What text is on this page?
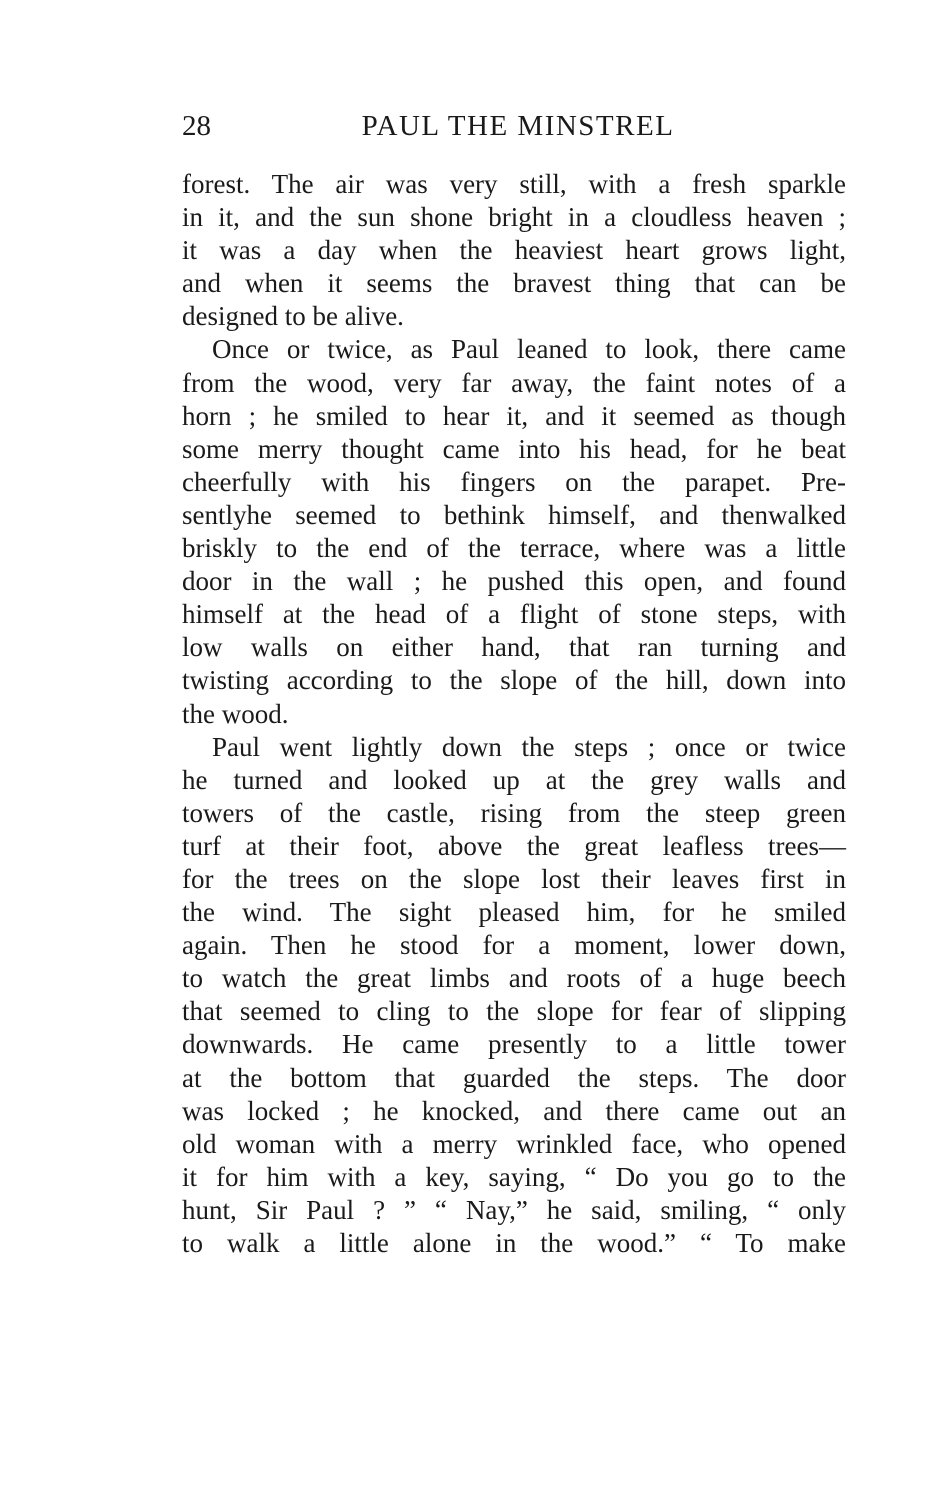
28	PAUL THE MINSTREL
forest. The air was very still, with a fresh sparkle
in it, and the sun shone bright in a cloudless heaven ;
it was a day when the heaviest heart grows light,
and when it seems the bravest thing that can be
designed to be alive.
Once or twice, as Paul leaned to look, there came
from the wood, very far away, the faint notes of a
horn ; he smiled to hear it, and it seemed as though
some merry thought came into his head, for he beat
cheerfully with his fingers on the parapet. Pre-
sentlyhe seemed to bethink himself, and thenwalked
briskly to the end of the terrace, where was a little
door in the wall ; he pushed this open, and found
himself at the head of a flight of stone steps, with
low walls on either hand, that ran turning and
twisting according to the slope of the hill, down into
the wood.
Paul went lightly down the steps ; once or twice
he turned and looked up at the grey walls and
towers of the castle, rising from the steep green
turf at their foot, above the great leafless trees—
for the trees on the slope lost their leaves first in
the wind. The sight pleased him, for he smiled
again. Then he stood for a moment, lower down,
to watch the great limbs and roots of a huge beech
that seemed to cling to the slope for fear of slipping
downwards. He came presently to a little tower
at the bottom that guarded the steps. The door
was locked ; he knocked, and there came out an
old woman with a merry wrinkled face, who opened
it for him with a key, saying, “ Do you go to the
hunt, Sir Paul ? ” “ Nay,” he said, smiling, “ only
to walk a little alone in the wood.” “ To make
